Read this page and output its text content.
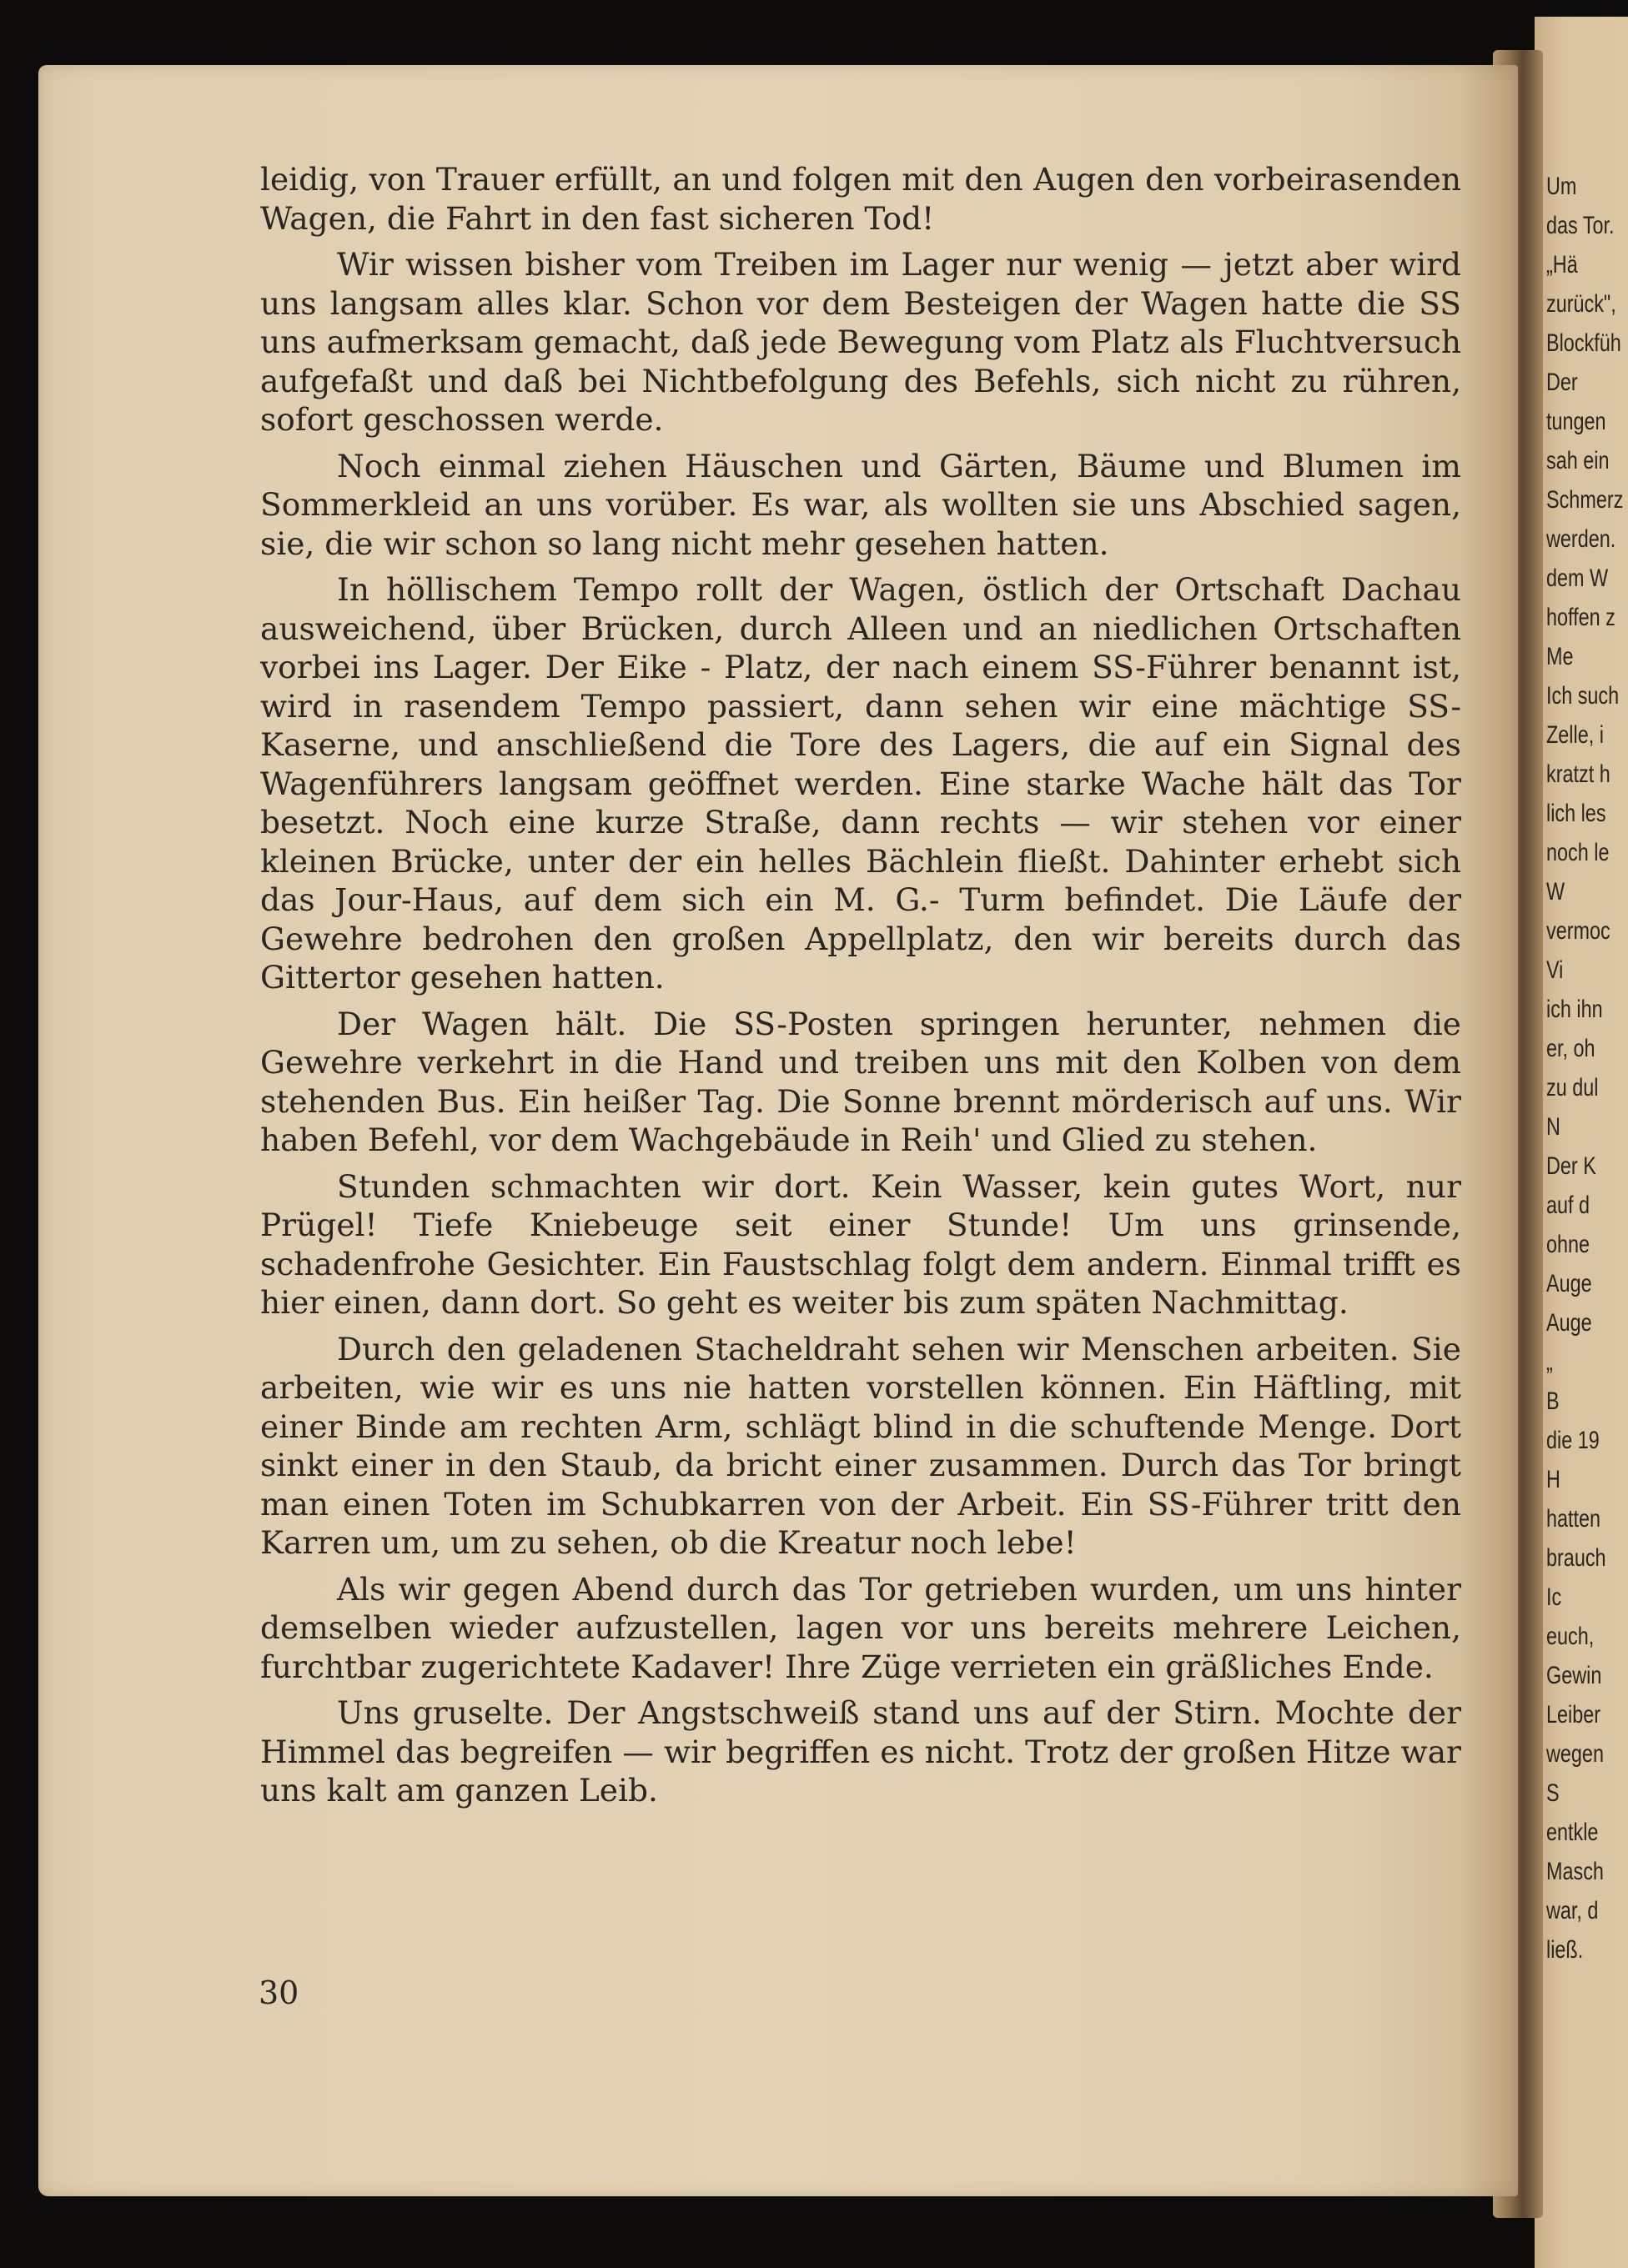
Um
das Tor.
„Hä
zurück",
Blockfüh
Der
tungen
sah ein
Schmerz
werden.
dem W
hoffen z
Me
Ich such
Zelle, i
kratzt h
lich les
noch le
W
vermoc
Vi
ich ihn
er, oh
zu dul
N
Der K
auf d
ohne
Auge
Auge
„
B
die 19
H
hatten
brauch
Ic
euch,
Gewin
Leiber
wegen
S
entkle
Masch
war, d
ließ.

leidig, von Trauer erfüllt, an und folgen mit den Augen den vorbeirasenden Wagen, die Fahrt in den fast sicheren Tod!

Wir wissen bisher vom Treiben im Lager nur wenig — jetzt aber wird uns langsam alles klar. Schon vor dem Besteigen der Wagen hatte die SS uns aufmerksam gemacht, daß jede Bewegung vom Platz als Fluchtversuch aufgefaßt und daß bei Nichtbefolgung des Befehls, sich nicht zu rühren, sofort geschossen werde.

Noch einmal ziehen Häuschen und Gärten, Bäume und Blumen im Sommerkleid an uns vorüber. Es war, als wollten sie uns Abschied sagen, sie, die wir schon so lang nicht mehr gesehen hatten.

In höllischem Tempo rollt der Wagen, östlich der Ortschaft Dachau ausweichend, über Brücken, durch Alleen und an niedlichen Ortschaften vorbei ins Lager. Der Eike - Platz, der nach einem SS-Führer benannt ist, wird in rasendem Tempo passiert, dann sehen wir eine mächtige SS-Kaserne, und anschließend die Tore des Lagers, die auf ein Signal des Wagenführers langsam geöffnet werden. Eine starke Wache hält das Tor besetzt. Noch eine kurze Straße, dann rechts — wir stehen vor einer kleinen Brücke, unter der ein helles Bächlein fließt. Dahinter erhebt sich das Jour-Haus, auf dem sich ein M. G.- Turm befindet. Die Läufe der Gewehre bedrohen den großen Appellplatz, den wir bereits durch das Gittertor gesehen hatten.

Der Wagen hält. Die SS-Posten springen herunter, nehmen die Gewehre verkehrt in die Hand und treiben uns mit den Kolben von dem stehenden Bus. Ein heißer Tag. Die Sonne brennt mörderisch auf uns. Wir haben Befehl, vor dem Wachgebäude in Reih' und Glied zu stehen.

Stunden schmachten wir dort. Kein Wasser, kein gutes Wort, nur Prügel! Tiefe Kniebeuge seit einer Stunde! Um uns grinsende, schadenfrohe Gesichter. Ein Faustschlag folgt dem andern. Einmal trifft es hier einen, dann dort. So geht es weiter bis zum späten Nachmittag.

Durch den geladenen Stacheldraht sehen wir Menschen arbeiten. Sie arbeiten, wie wir es uns nie hatten vorstellen können. Ein Häftling, mit einer Binde am rechten Arm, schlägt blind in die schuftende Menge. Dort sinkt einer in den Staub, da bricht einer zusammen. Durch das Tor bringt man einen Toten im Schubkarren von der Arbeit. Ein SS-Führer tritt den Karren um, um zu sehen, ob die Kreatur noch lebe!

Als wir gegen Abend durch das Tor getrieben wurden, um uns hinter demselben wieder aufzustellen, lagen vor uns bereits mehrere Leichen, furchtbar zugerichtete Kadaver! Ihre Züge verrieten ein gräßliches Ende.

Uns gruselte. Der Angstschweiß stand uns auf der Stirn. Mochte der Himmel das begreifen — wir begriffen es nicht. Trotz der großen Hitze war uns kalt am ganzen Leib.

30
